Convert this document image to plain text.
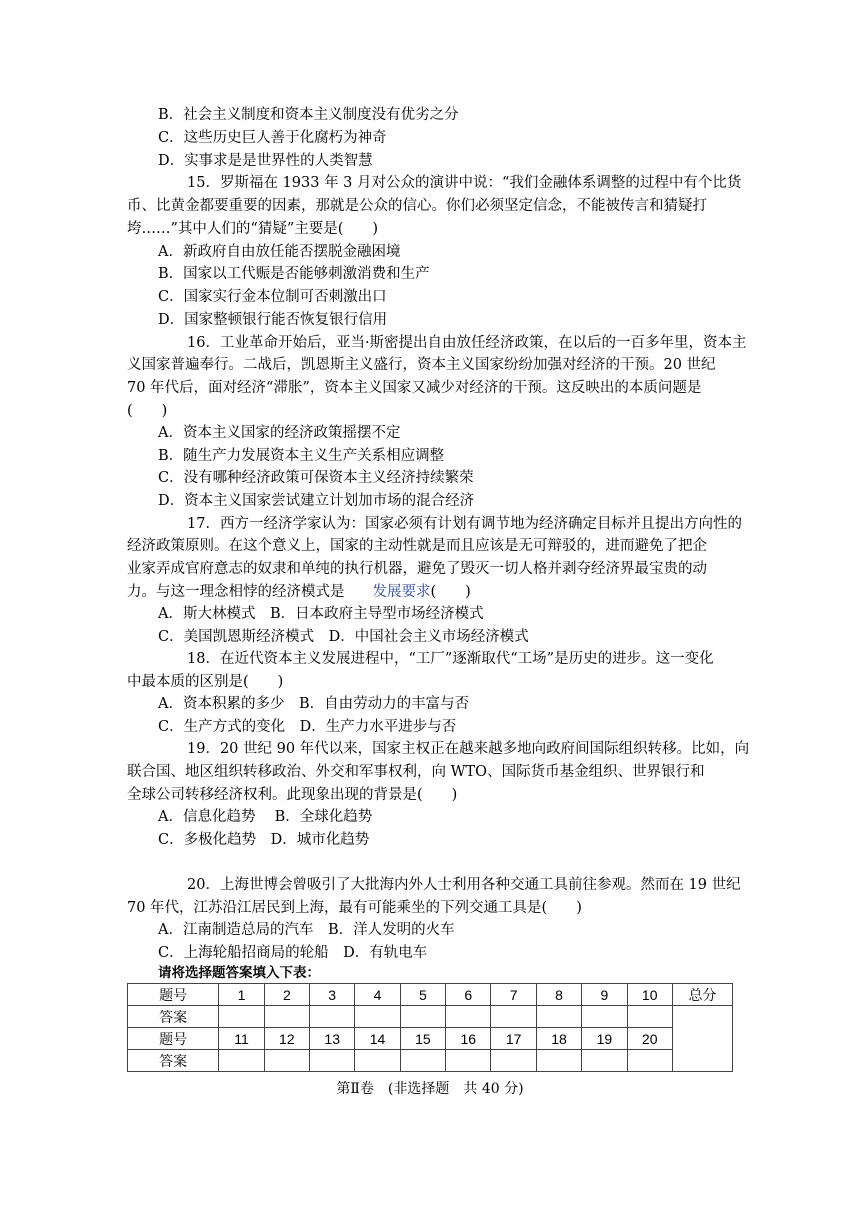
B．社会主义制度和资本主义制度没有优劣之分
C．这些历史巨人善于化腐朽为神奇
D．实事求是是世界性的人类智慧
15．罗斯福在 1933 年 3 月对公众的演讲中说：“我们金融体系调整的过程中有个比货
币、比黄金都要重要的因素，那就是公众的信心。你们必须坚定信念，不能被传言和猜疑打
垮……”其中人们的“猜疑”主要是(　　)
A．新政府自由放任能否摆脱金融困境
B．国家以工代赈是否能够刺激消费和生产
C．国家实行金本位制可否刺激出口
D．国家整顿银行能否恢复银行信用
16．工业革命开始后，亚当·斯密提出自由放任经济政策，在以后的一百多年里，资本主
义国家普遍奉行。二战后，凯恩斯主义盛行，资本主义国家纷纷加强对经济的干预。20 世纪
70 年代后，面对经济“滞胀”，资本主义国家又减少对经济的干预。这反映出的本质问题是
(　　)
A．资本主义国家的经济政策摇摆不定
B．随生产力发展资本主义生产关系相应调整
C．没有哪种经济政策可保资本主义经济持续繁荣
D．资本主义国家尝试建立计划加市场的混合经济
17．西方一经济学家认为：国家必须有计划有调节地为经济确定目标并且提出方向性的
经济政策原则。在这个意义上，国家的主动性就是而且应该是无可辩驳的，进而避免了把企
业家弄成官府意志的奴隶和单纯的执行机器，避免了毁灭一切人格并剥夺经济界最宝贵的动
力。与这一理念相悖的经济模式是 发展要求(　　)
A．斯大林模式　B．日本政府主导型市场经济模式
C．美国凯恩斯经济模式　D．中国社会主义市场经济模式
18．在近代资本主义发展进程中，“工厂”逐渐取代“工场”是历史的进步。这一变化
中最本质的区别是(　　)
A．资本积累的多少　B．自由劳动力的丰富与否
C．生产方式的变化　D．生产力水平进步与否
19．20 世纪 90 年代以来，国家主权正在越来越多地向政府间国际组织转移。比如，向
联合国、地区组织转移政治、外交和军事权利，向 WTO、国际货币基金组织、世界银行和
全球公司转移经济权利。此现象出现的背景是(　　)
A．信息化趋势　 B．全球化趋势
C．多极化趋势　D．城市化趋势
20．上海世博会曾吸引了大批海内外人士利用各种交通工具前往参观。然而在 19 世纪
70 年代，江苏沿江居民到上海，最有可能乘坐的下列交通工具是(　　)
A．江南制造总局的汽车　B．洋人发明的火车
C．上海轮船招商局的轮船　D．有轨电车
请将选择题答案填入下表：
题号	1	2	3	4	5	6	7	8	9	10	总分
答案											
题号	11	12	13	14	15	16	17	18	19	20	
答案											
第Ⅱ卷　(非选择题　共 40 分)
